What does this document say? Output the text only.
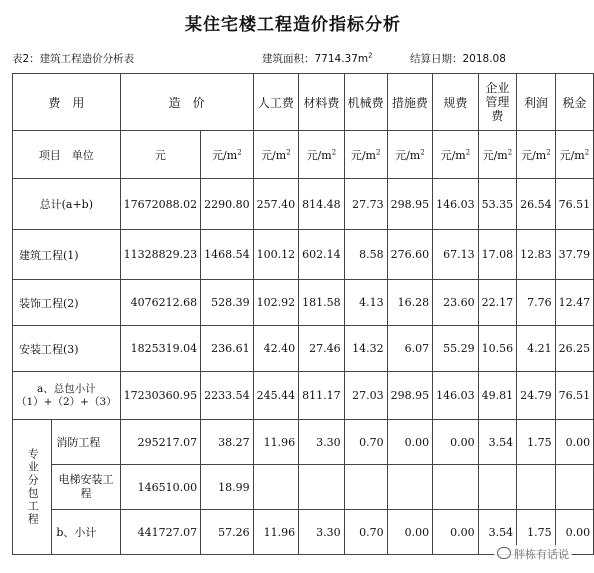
某住宅楼工程造价指标分析
表2：建筑工程造价分析表	建筑面积：$7714.37m^2$	结算日期：2018.08
费　用		造　价		人工费	材料费	机械费	措施费	规费	企业管理费	利润	税金
项目　单位		元	元$/m^2$	元$/m^2$	元$/m^2$	元$/m^2$	元$/m^2$	元$/m^2$	元$/m^2$	元$/m^2$	元$/m^2$
总计(a+b)		17672088.02	2290.80	257.40	814.48	27.73	298.95	146.03	53.35	26.54	76.51
建筑工程(1)		11328829.23	1468.54	100.12	602.14	8.58	276.60	67.13	17.08	12.83	37.79
装饰工程(2)		4076212.68	528.39	102.92	181.58	4.13	16.28	23.60	22.17	7.76	12.47
安装工程(3)		1825319.04	236.61	42.40	27.46	14.32	6.07	55.29	10.56	4.21	26.25
a、总包小计（1）+（2）+（3）		17230360.95	2233.54	245.44	811.17	27.03	298.95	146.03	49.81	24.79	76.51

专业分包工程	消防工程	295217.07	38.27	11.96	3.30	0.70	0.00	0.00	3.54	1.75	0.00
	电梯安装工程	146510.00	18.99								
	b、小计	441727.07	57.26	11.96	3.30	0.70	0.00	0.00	3.54	1.75	0.00
胖栋有话说
